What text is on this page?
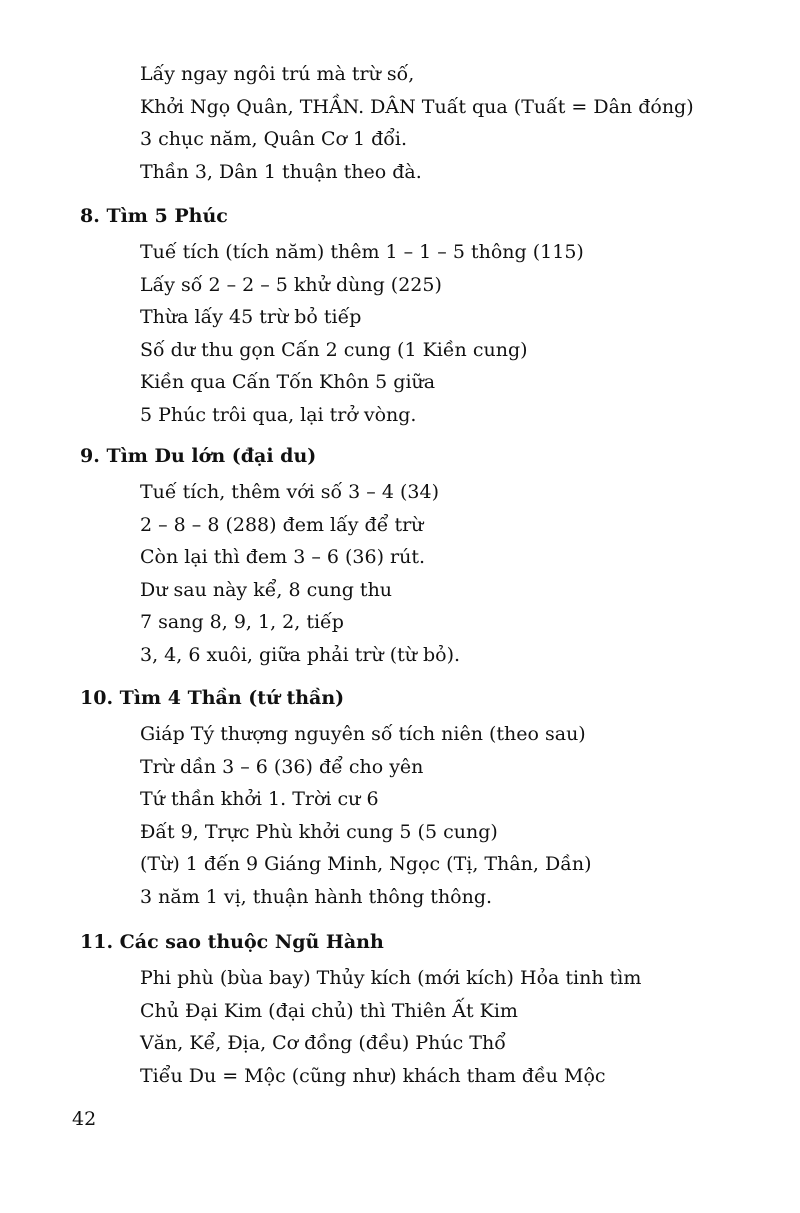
Lấy ngay ngôi trú mà trừ số,
Khởi Ngọ Quân, THẦN. DÂN Tuất qua (Tuất = Dân đóng)
3 chục năm, Quân Cơ 1 đổi.
Thần 3, Dân 1 thuận theo đà.
8. Tìm 5 Phúc
Tuế tích (tích năm) thêm 1 – 1 – 5 thông (115)
Lấy số 2 – 2 – 5 khử dùng (225)
Thừa lấy 45 trừ bỏ tiếp
Số dư thu gọn Cấn 2 cung (1 Kiền cung)
Kiền qua Cấn Tốn Khôn 5 giữa
5 Phúc trôi qua, lại trở vòng.
9. Tìm Du lớn (đại du)
Tuế tích, thêm với số 3 – 4 (34)
2 – 8 – 8 (288) đem lấy để trừ
Còn lại thì đem 3 – 6 (36) rút.
Dư sau này kể, 8 cung thu
7 sang 8, 9, 1, 2, tiếp
3, 4, 6 xuôi, giữa phải trừ (từ bỏ).
10. Tìm 4 Thần (tứ thần)
Giáp Tý thượng nguyên số tích niên (theo sau)
Trừ dần 3 – 6 (36) để cho yên
Tứ thần khởi 1. Trời cư 6
Đất 9, Trực Phù khởi cung 5 (5 cung)
(Từ) 1 đến 9 Giáng Minh, Ngọc (Tị, Thân, Dần)
3 năm 1 vị, thuận hành thông thông.
11. Các sao thuộc Ngũ Hành
Phi phù (bùa bay) Thủy kích (mới kích) Hỏa tinh tìm
Chủ Đại Kim (đại chủ) thì Thiên Ất Kim
Văn, Kể, Địa, Cơ đồng (đều) Phúc Thổ
Tiểu Du = Mộc (cũng như) khách tham đều Mộc
42
